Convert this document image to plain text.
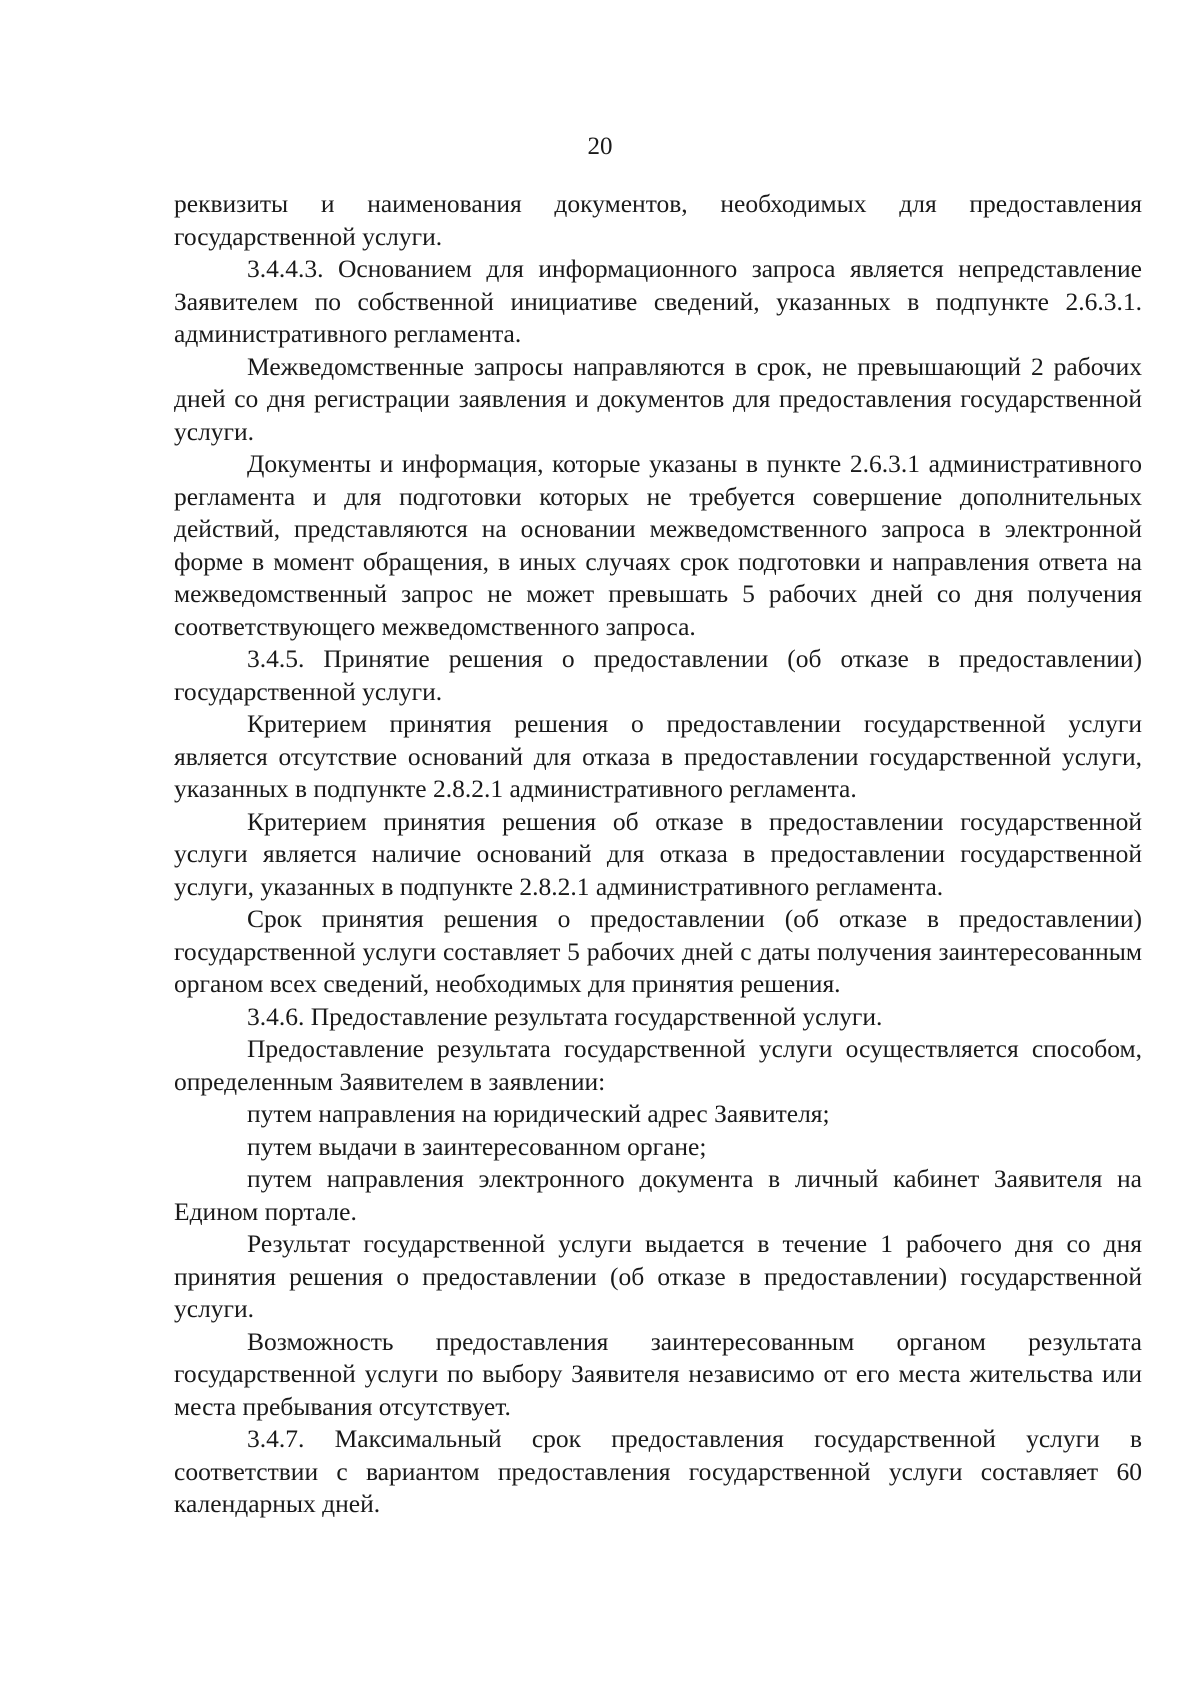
20

реквизиты и наименования документов, необходимых для предоставления государственной услуги.

3.4.4.3. Основанием для информационного запроса является непредставление Заявителем по собственной инициативе сведений, указанных в подпункте 2.6.3.1. административного регламента.

Межведомственные запросы направляются в срок, не превышающий 2 рабочих дней со дня регистрации заявления и документов для предоставления государственной услуги.

Документы и информация, которые указаны в пункте 2.6.3.1 административного регламента и для подготовки которых не требуется совершение дополнительных действий, представляются на основании межведомственного запроса в электронной форме в момент обращения, в иных случаях срок подготовки и направления ответа на межведомственный запрос не может превышать 5 рабочих дней со дня получения соответствующего межведомственного запроса.

3.4.5. Принятие решения о предоставлении (об отказе в предоставлении) государственной услуги.

Критерием принятия решения о предоставлении государственной услуги является отсутствие оснований для отказа в предоставлении государственной услуги, указанных в подпункте 2.8.2.1 административного регламента.

Критерием принятия решения об отказе в предоставлении государственной услуги является наличие оснований для отказа в предоставлении государственной услуги, указанных в подпункте 2.8.2.1 административного регламента.

Срок принятия решения о предоставлении (об отказе в предоставлении) государственной услуги составляет 5 рабочих дней с даты получения заинтересованным органом всех сведений, необходимых для принятия решения.

3.4.6. Предоставление результата государственной услуги.

Предоставление результата государственной услуги осуществляется способом, определенным Заявителем в заявлении:

путем направления на юридический адрес Заявителя;

путем выдачи в заинтересованном органе;

путем направления электронного документа в личный кабинет Заявителя на Едином портале.

Результат государственной услуги выдается в течение 1 рабочего дня со дня принятия решения о предоставлении (об отказе в предоставлении) государственной услуги.

Возможность предоставления заинтересованным органом результата государственной услуги по выбору Заявителя независимо от его места жительства или места пребывания отсутствует.

3.4.7. Максимальный срок предоставления государственной услуги в соответствии с вариантом предоставления государственной услуги составляет 60 календарных дней.
